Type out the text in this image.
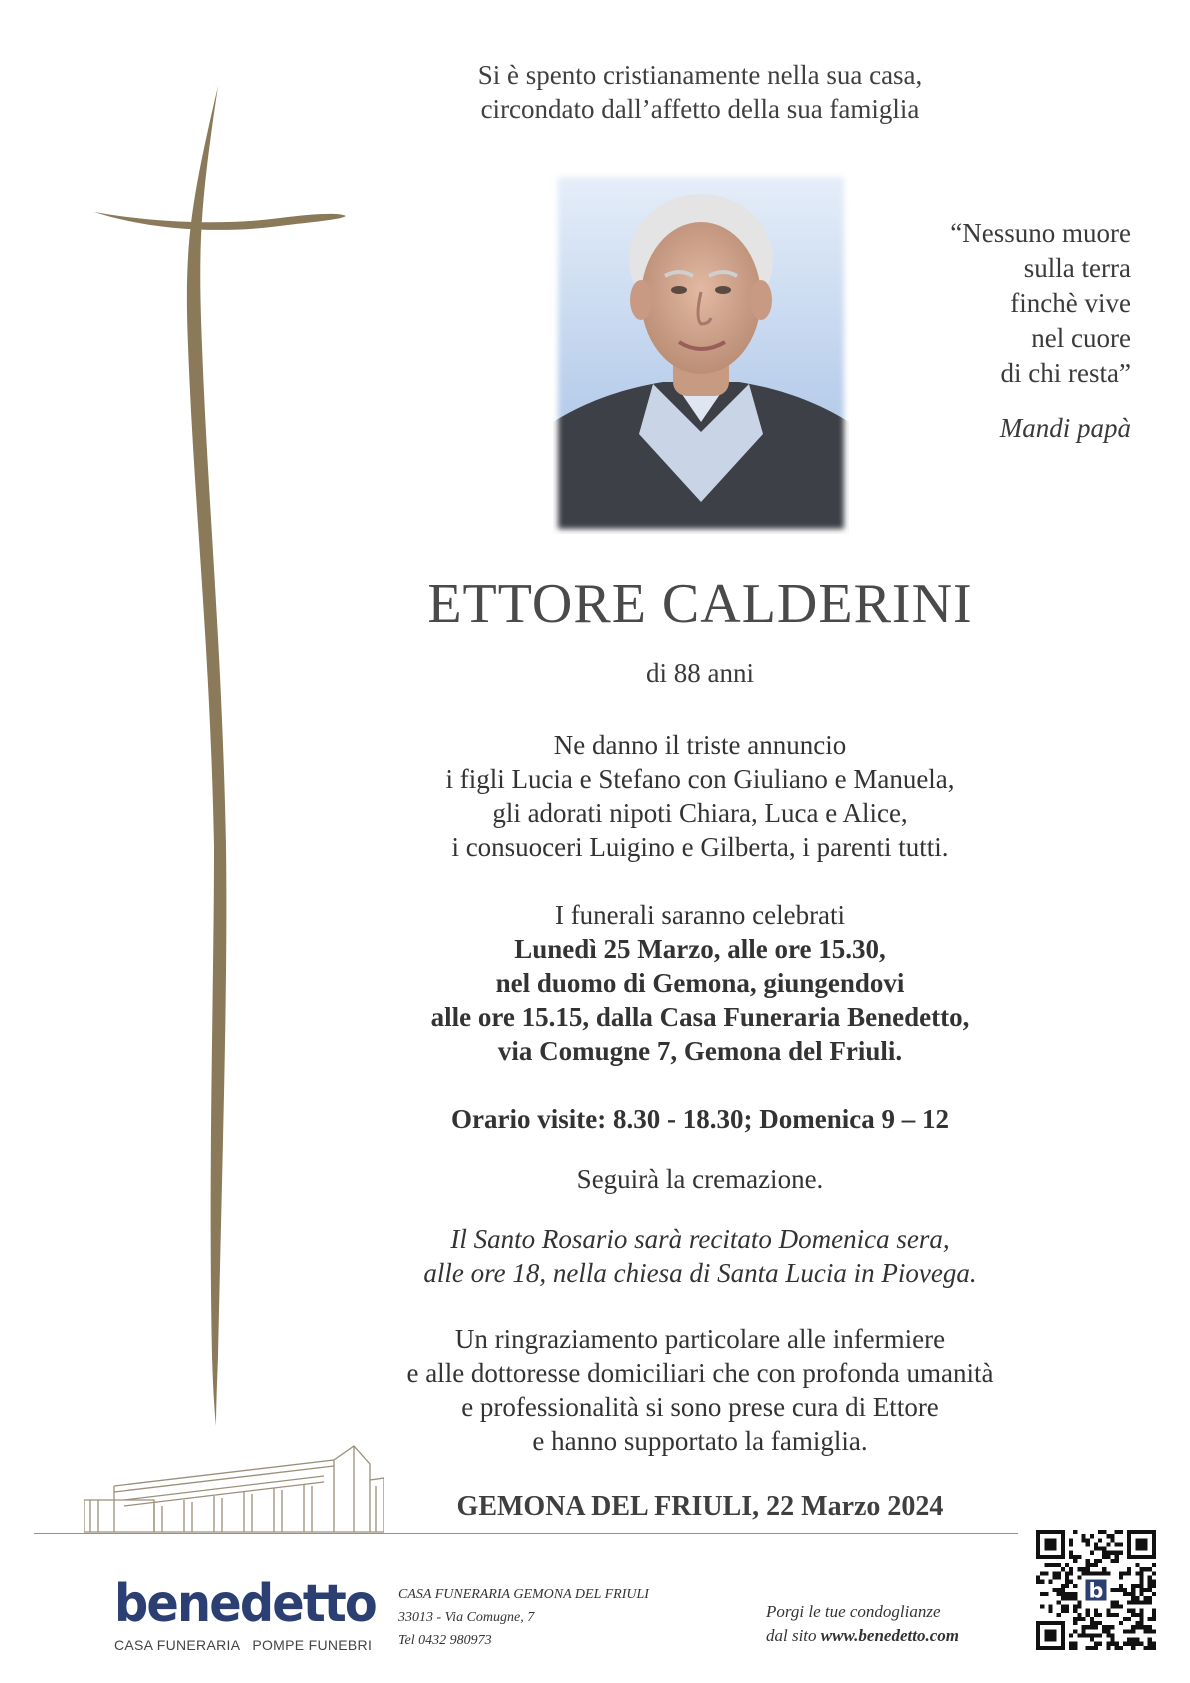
Si è spento cristianamente nella sua casa,
circondato dall’affetto della sua famiglia
“Nessuno muore
sulla terra
finchè vive
nel cuore
di chi resta”
Mandi papà
ETTORE CALDERINI
di 88 anni
Ne danno il triste annuncio
i figli Lucia e Stefano con Giuliano e Manuela,
gli adorati nipoti Chiara, Luca e Alice,
i consuoceri Luigino e Gilberta, i parenti tutti.
I funerali saranno celebrati
Lunedì 25 Marzo, alle ore 15.30,
nel duomo di Gemona, giungendovi
alle ore 15.15, dalla Casa Funeraria Benedetto,
via Comugne 7, Gemona del Friuli.
Orario visite: 8.30 - 18.30; Domenica 9 – 12
Seguirà la cremazione.
Il Santo Rosario sarà recitato Domenica sera,
alle ore 18, nella chiesa di Santa Lucia in Piovega.
Un ringraziamento particolare alle infermiere
e alle dottoresse domiciliari che con profonda umanità
e professionalità si sono prese cura di Ettore
e hanno supportato la famiglia.
GEMONA DEL FRIULI, 22 Marzo 2024
benedetto
CASA FUNERARIA POMPE FUNEBRI
CASA FUNERARIA GEMONA DEL FRIULI
33013 - Via Comugne, 7
Tel 0432 980973
Porgi le tue condoglianze
dal sito www.benedetto.com
b
